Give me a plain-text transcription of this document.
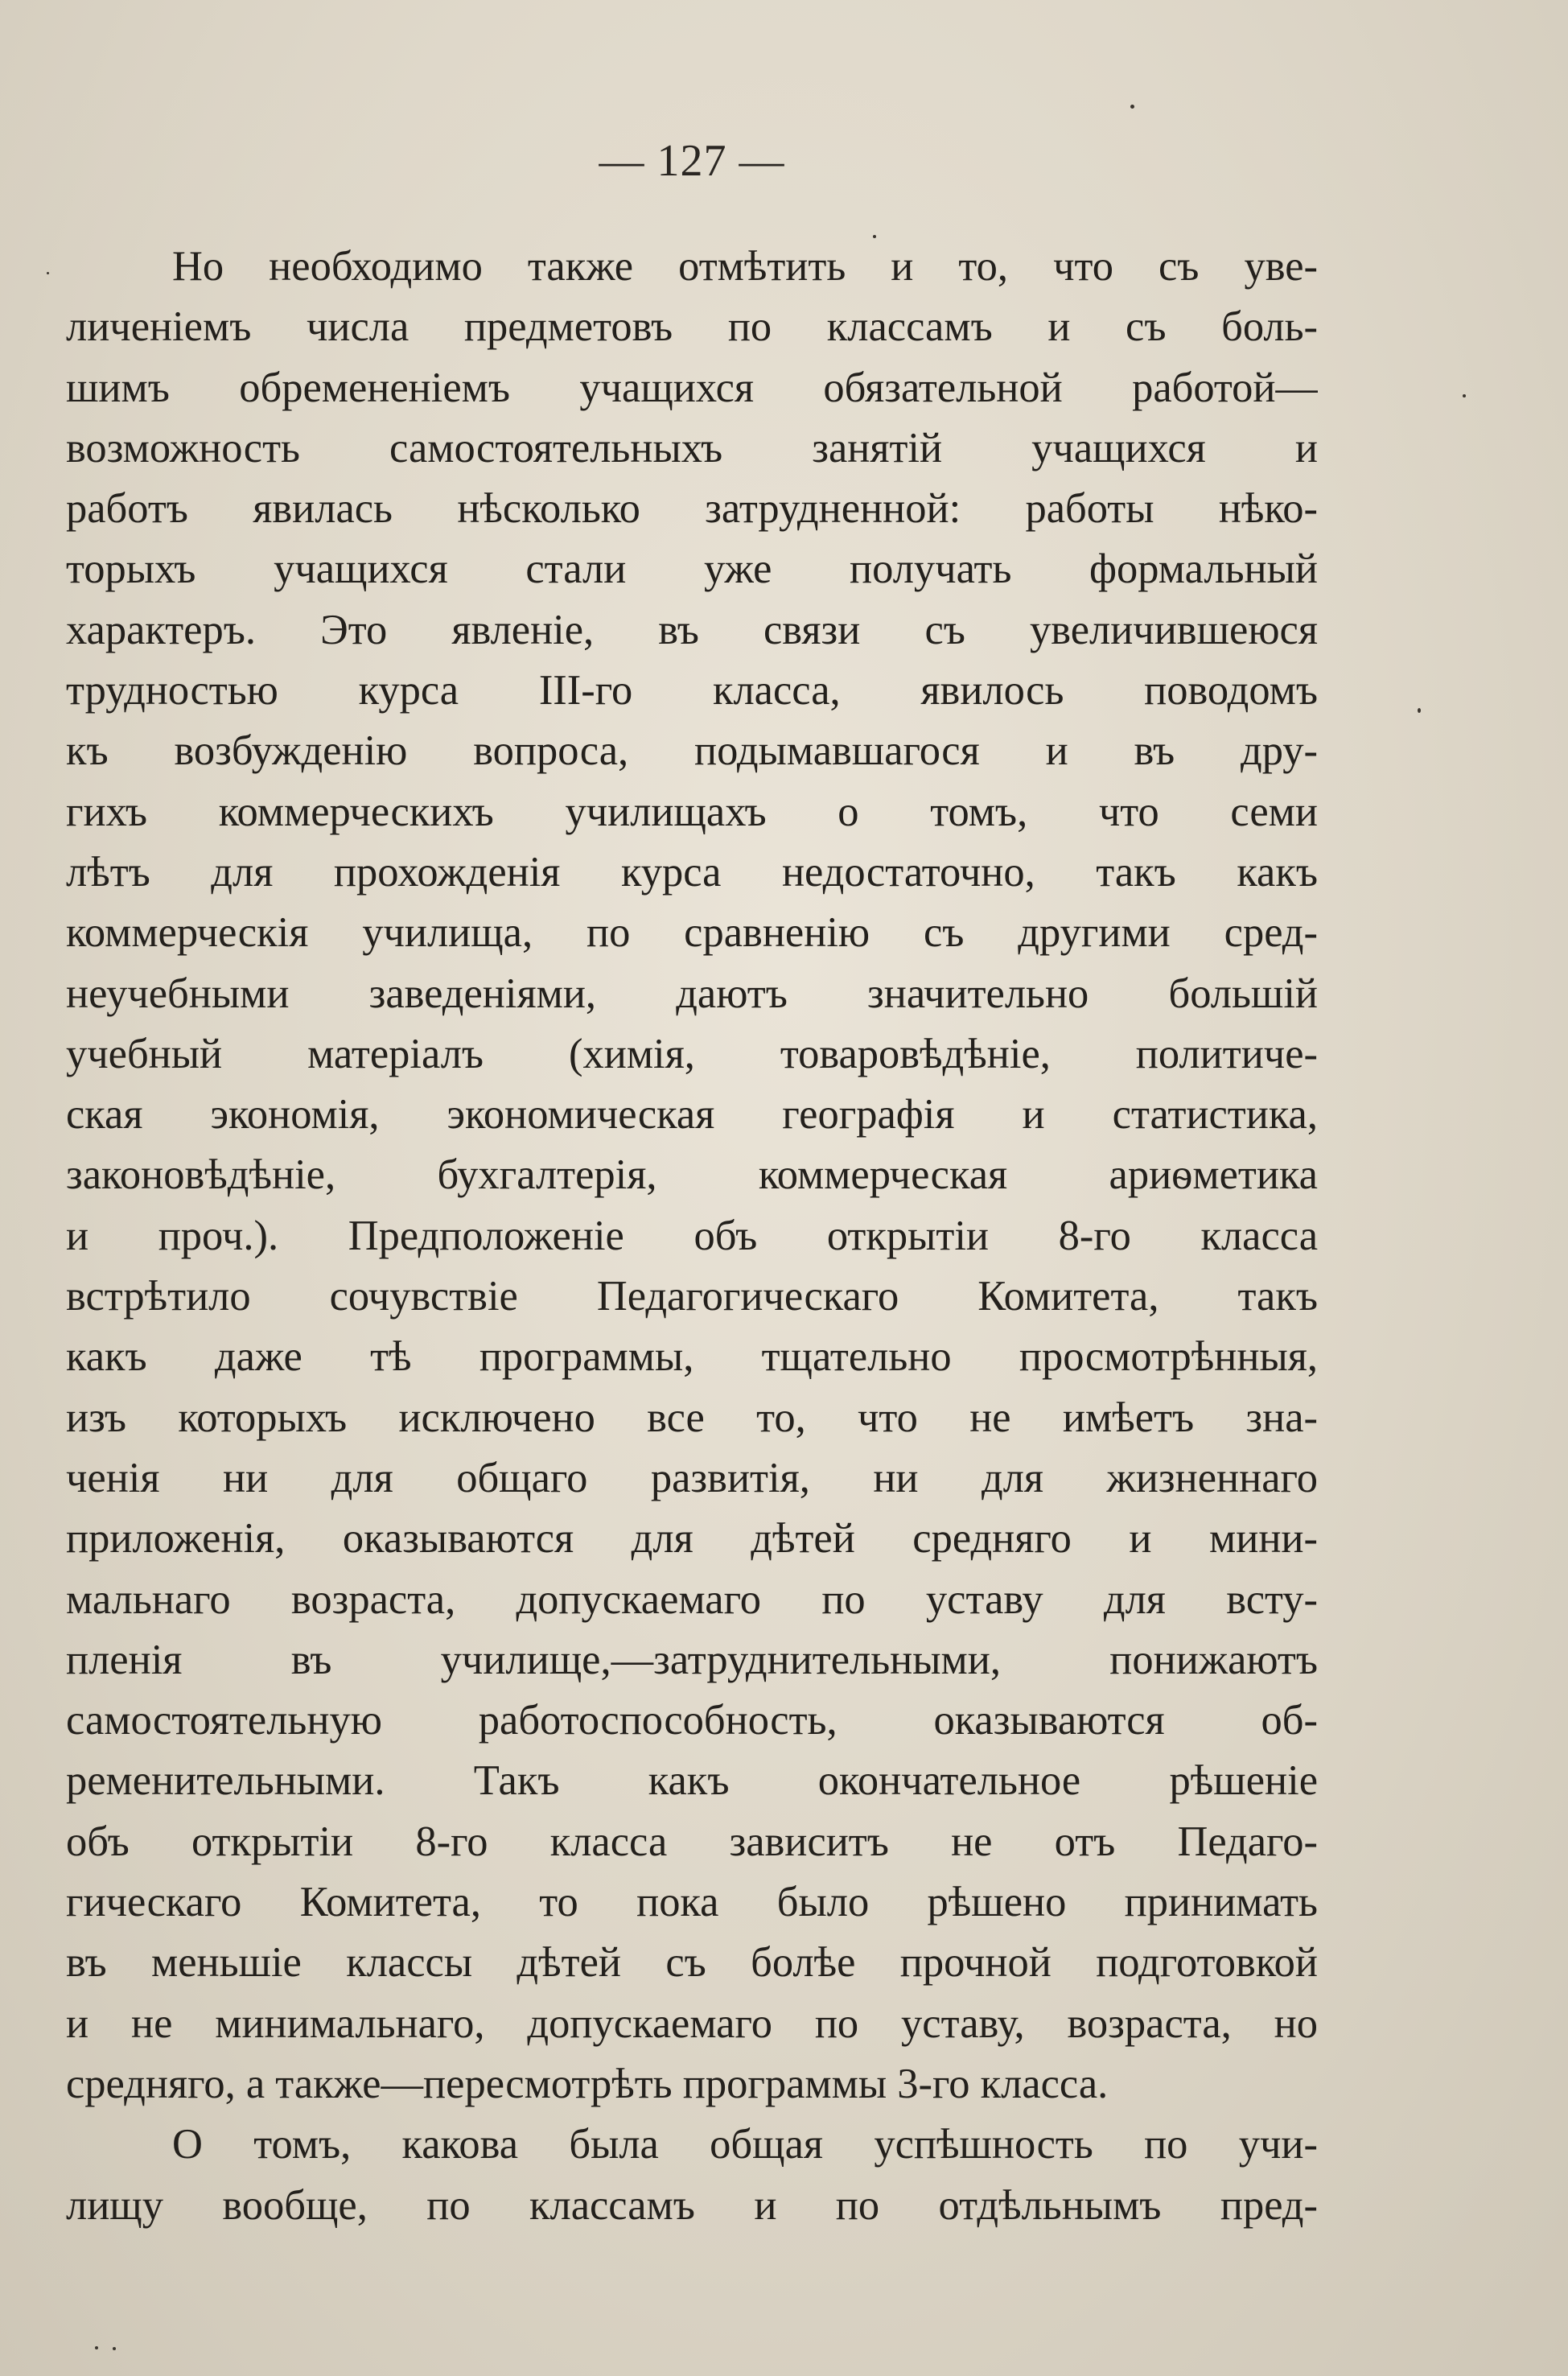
— 127 —
Но необходимо также отмѣтить и то, что съ уве-
личеніемъ числа предметовъ по классамъ и съ боль-
шимъ обремененіемъ учащихся обязательной работой—
возможность самостоятельныхъ занятій учащихся и
работъ явилась нѣсколько затрудненной: работы нѣко-
торыхъ учащихся стали уже получать формальный
характеръ. Это явленіе, въ связи съ увеличившеюся
трудностью курса III-го класса, явилось поводомъ
къ возбужденію вопроса, подымавшагося и въ дру-
гихъ коммерческихъ училищахъ о томъ, что семи
лѣтъ для прохожденія курса недостаточно, такъ какъ
коммерческія училища, по сравненію съ другими сред-
неучебными заведеніями, даютъ значительно большій
учебный матеріалъ (химія, товаровѣдѣніе, политиче-
ская экономія, экономическая географія и статистика,
законовѣдѣніе, бухгалтерія, коммерческая ариѳметика
и проч.). Предположеніе объ открытіи 8-го класса
встрѣтило сочувствіе Педагогическаго Комитета, такъ
какъ даже тѣ программы, тщательно просмотрѣнныя,
изъ которыхъ исключено все то, что не имѣетъ зна-
ченія ни для общаго развитія, ни для жизненнаго
приложенія, оказываются для дѣтей средняго и мини-
мальнаго возраста, допускаемаго по уставу для всту-
пленія въ училище,—затруднительными, понижаютъ
самостоятельную работоспособность, оказываются об-
ременительными. Такъ какъ окончательное рѣшеніе
объ открытіи 8-го класса зависитъ не отъ Педаго-
гическаго Комитета, то пока было рѣшено принимать
въ меньшіе классы дѣтей съ болѣе прочной подготовкой
и не минимальнаго, допускаемаго по уставу, возраста, но
средняго, а также—пересмотрѣть программы 3-го класса.
О томъ, какова была общая успѣшность по учи-
лищу вообще, по классамъ и по отдѣльнымъ пред-
